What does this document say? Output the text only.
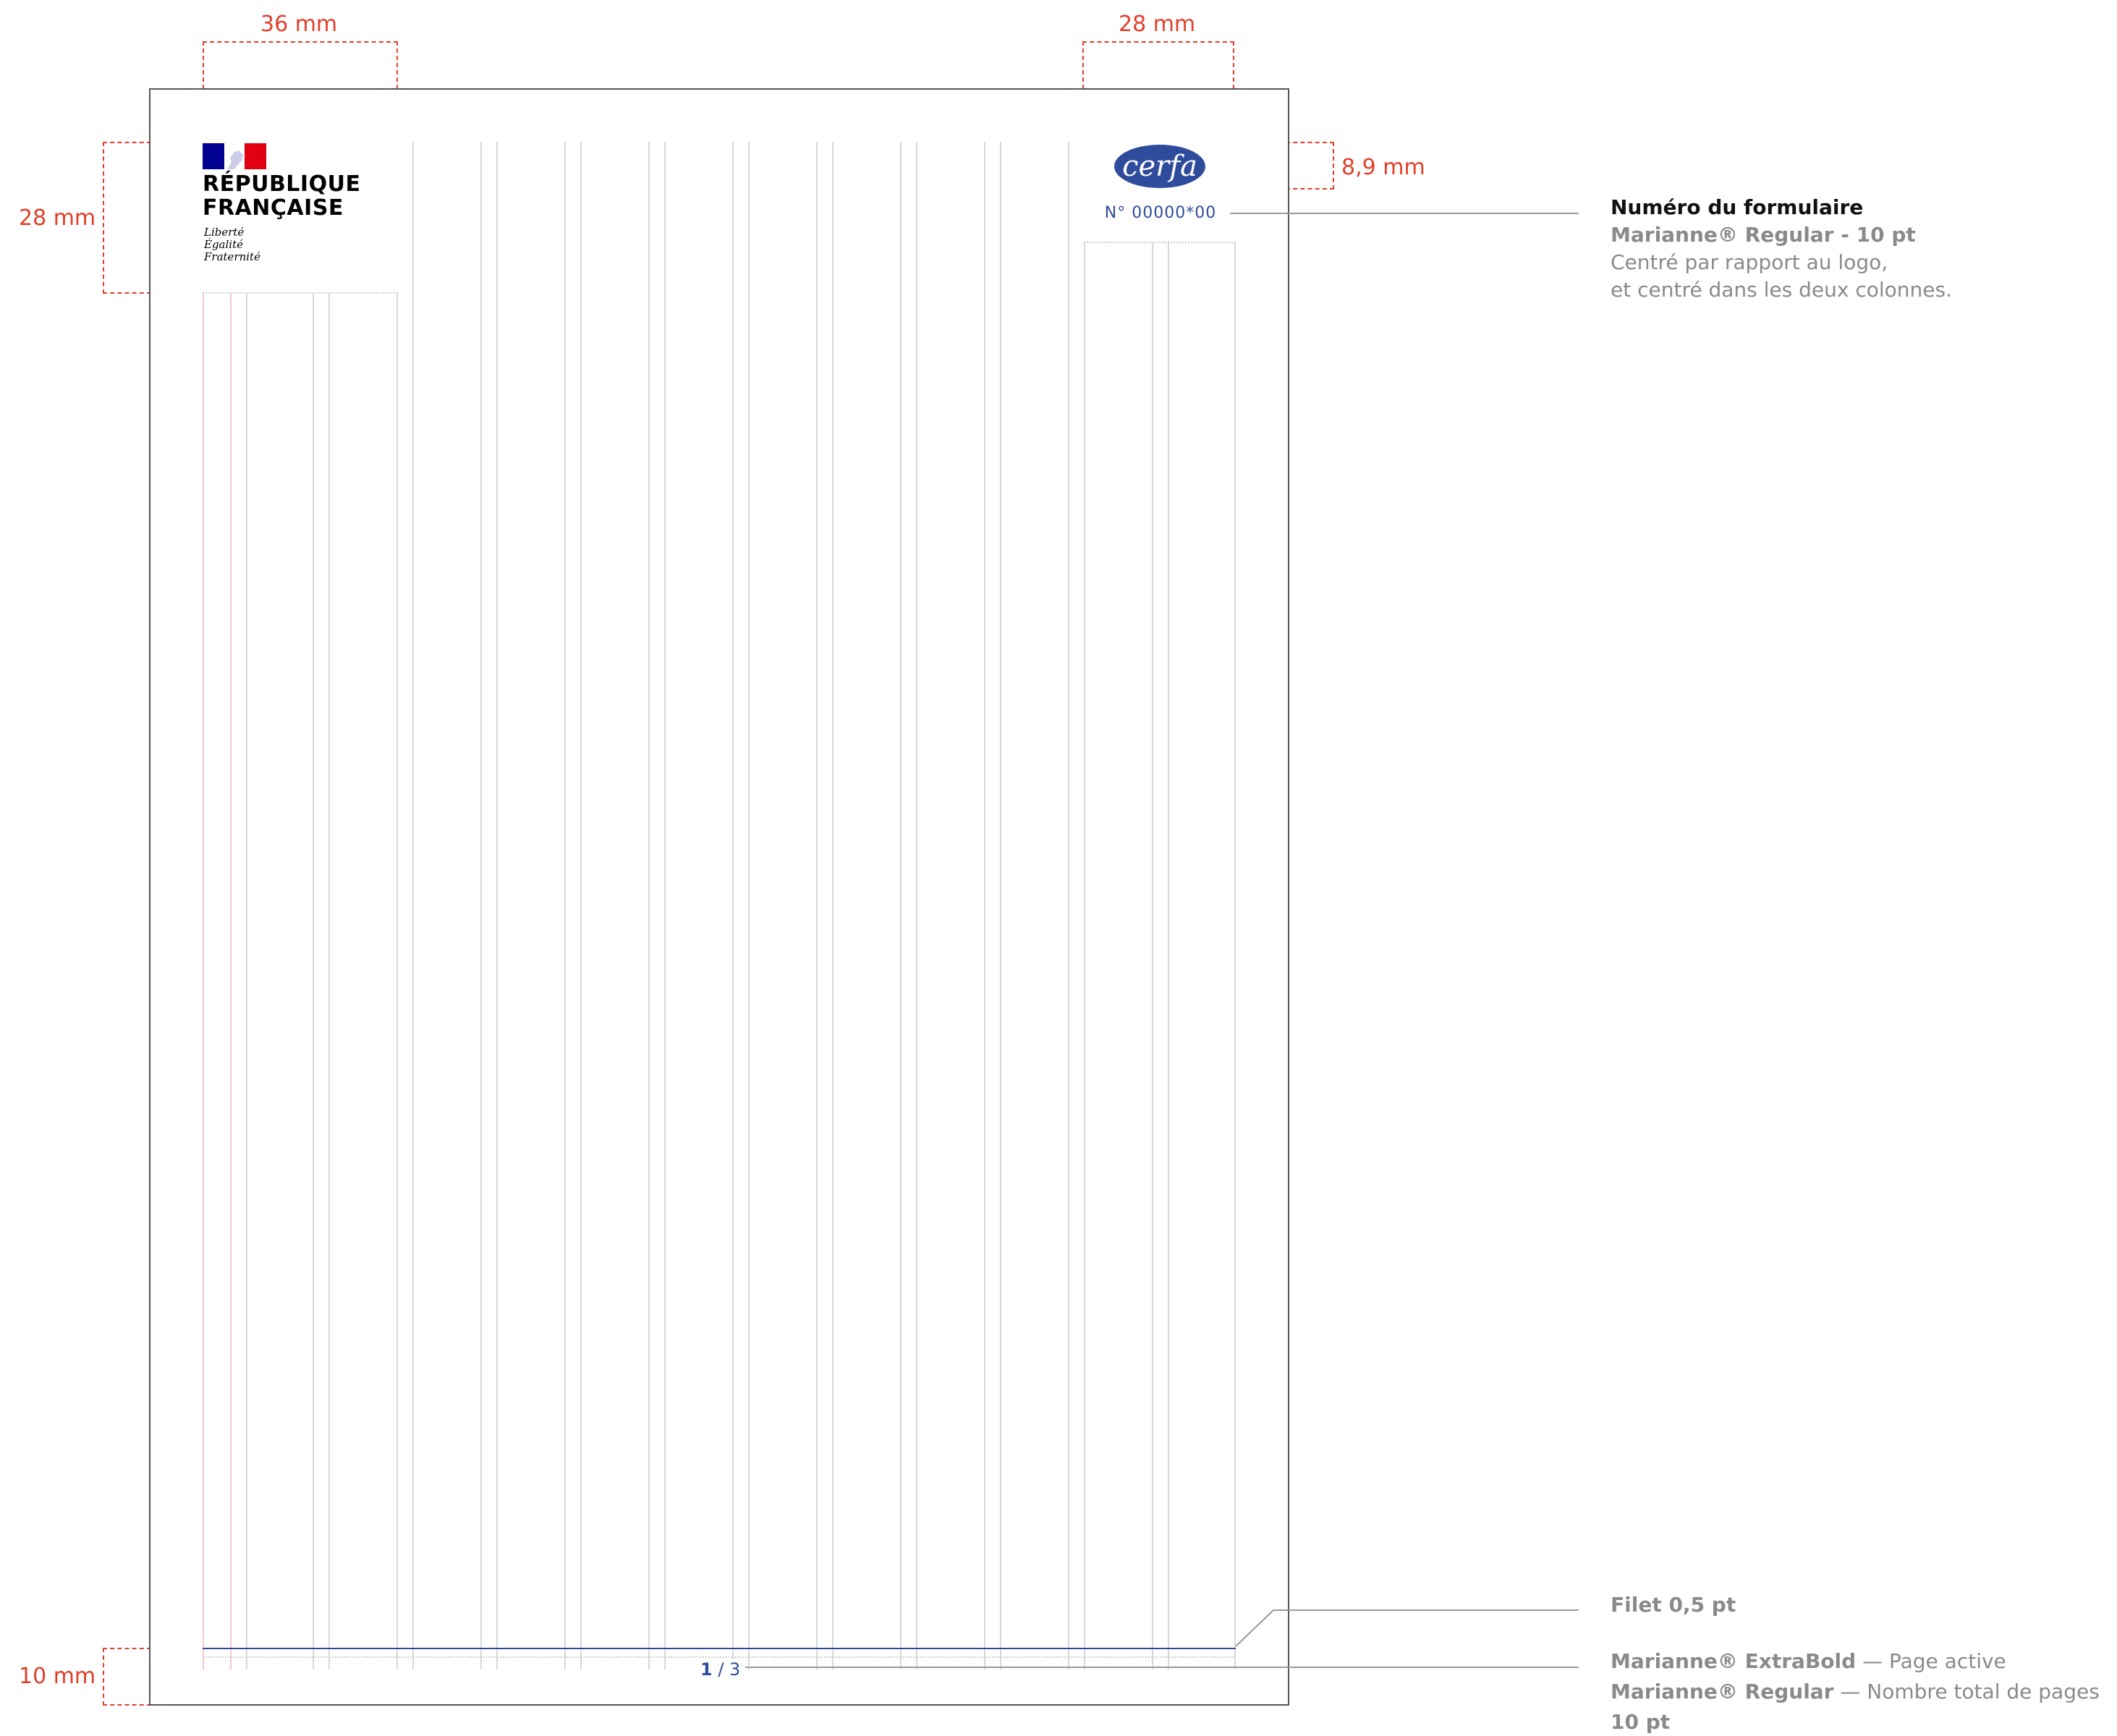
36 mm	28 mm
28 mm
8,9 mm
10 mm
RÉPUBLIQUE
FRANÇAISE
Liberté
Égalité
Fraternité
cerfa
N° 00000*00
1 / 3
Numéro du formulaire
Marianne® Regular - 10 pt
Centré par rapport au logo,
et centré dans les deux colonnes.
Filet 0,5 pt
Marianne® ExtraBold — Page active
Marianne® Regular — Nombre total de pages
10 pt
